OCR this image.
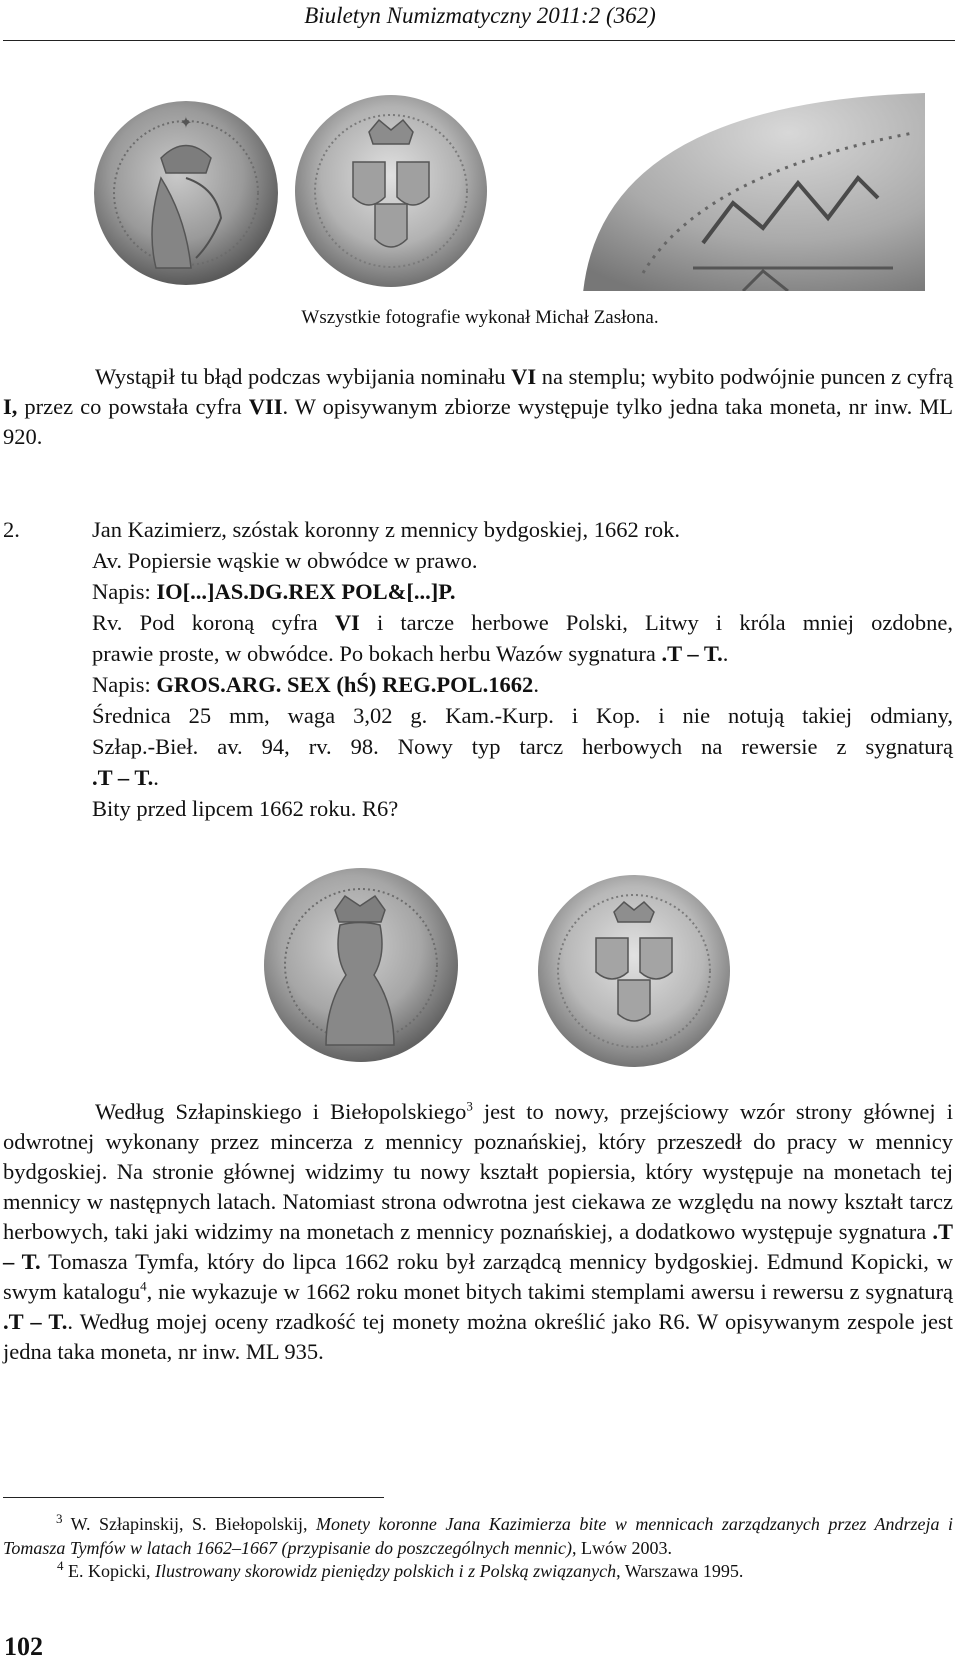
Biuletyn Numizmatyczny 2011:2 (362)
✦
Wszystkie fotografie wykonał Michał Zasłona.
Wystąpił tu błąd podczas wybijania nominału VI na stemplu; wybito podwójnie puncen z cyfrą I, przez co powstała cyfra VII. W opisywanym zbiorze występuje tylko jedna taka moneta, nr inw. ML 920.
2.	Jan Kazimierz, szóstak koronny z mennicy bydgoskiej, 1662 rok.
Av. Popiersie wąskie w obwódce w prawo.
Napis: IO[...]AS.DG.REX POL&[...]P.
Rv. Pod koroną cyfra VI i tarcze herbowe Polski, Litwy i króla mniej ozdobne,
prawie proste, w obwódce. Po bokach herbu Wazów sygnatura .T – T..
Napis: GROS.ARG. SEX (hŚ) REG.POL.1662.
Średnica 25 mm, waga 3,02 g. Kam.-Kurp. i Kop. i nie notują takiej odmiany,
Szłap.-Bieł. av. 94, rv. 98. Nowy typ tarcz herbowych na rewersie z sygnaturą
.T – T..
Bity przed lipcem 1662 roku. R6?
Według Szłapinskiego i Biełopolskiego$^3$ jest to nowy, przejściowy wzór strony głównej i odwrotnej wykonany przez mincerza z mennicy poznańskiej, który przeszedł do pracy w mennicy bydgoskiej. Na stronie głównej widzimy tu nowy kształt popiersia, który występuje na monetach tej mennicy w następnych latach. Natomiast strona odwrotna jest ciekawa ze względu na nowy kształt tarcz herbowych, taki jaki widzimy na monetach z mennicy poznańskiej, a dodatkowo występuje sygnatura .T – T. Tomasza Tymfa, który do lipca 1662 roku był zarządcą mennicy bydgoskiej. Edmund Kopicki, w swym katalogu$^4$, nie wykazuje w 1662 roku monet bitych takimi stemplami awersu i rewersu z sygnaturą .T – T.. Według mojej oceny rzadkość tej monety można określić jako R6. W opisywanym zespole jest jedna taka moneta, nr inw. ML 935.
$^3$ W. Szłapinskij, S. Biełopolskij, Monety koronne Jana Kazimierza bite w mennicach zarządzanych przez Andrzeja i Tomasza Tymfów w latach 1662–1667 (przypisanie do poszczególnych mennic), Lwów 2003.
$^4$ E. Kopicki, Ilustrowany skorowidz pieniędzy polskich i z Polską związanych, Warszawa 1995.
102
